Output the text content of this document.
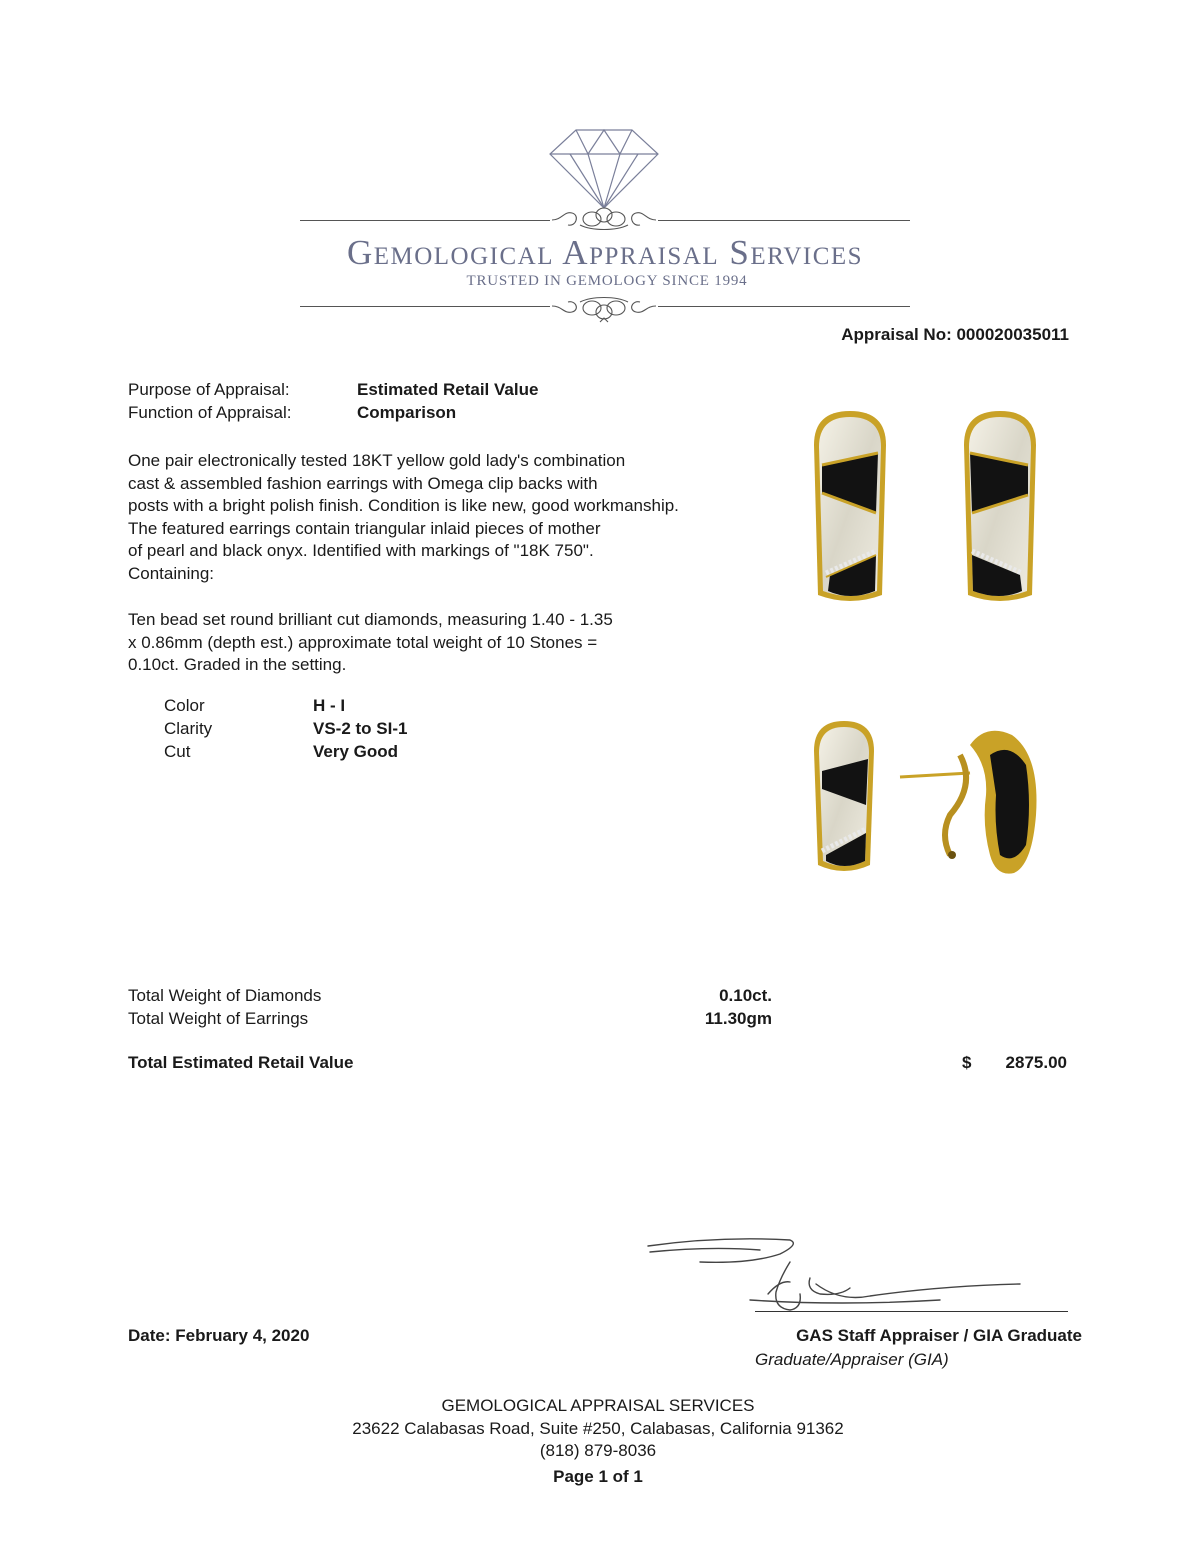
Gemological Appraisal Services
TRUSTED IN GEMOLOGY SINCE 1994
Appraisal No: 000020035011
Purpose of Appraisal:	Estimated Retail Value
Function of Appraisal:	Comparison
One pair electronically tested 18KT yellow gold lady's combination
cast & assembled fashion earrings with Omega clip backs with
posts with a bright polish finish. Condition is like new, good workmanship.
The featured earrings contain triangular inlaid pieces of mother
of pearl and black onyx. Identified with markings of "18K 750".
Containing:
Ten bead set round brilliant cut diamonds, measuring 1.40 - 1.35
x 0.86mm (depth est.) approximate total weight of 10 Stones =
0.10ct. Graded in the setting.
Color	H - I
Clarity	VS-2 to SI-1
Cut	Very Good
Total Weight of Diamonds	0.10ct.
Total Weight of Earrings	11.30gm
Total Estimated Retail Value	$ 2875.00
Date: February 4, 2020	GAS Staff Appraiser / GIA Graduate
Graduate/Appraiser (GIA)
GEMOLOGICAL APPRAISAL SERVICES
23622 Calabasas Road, Suite #250, Calabasas, California 91362
(818) 879-8036
Page 1 of 1
